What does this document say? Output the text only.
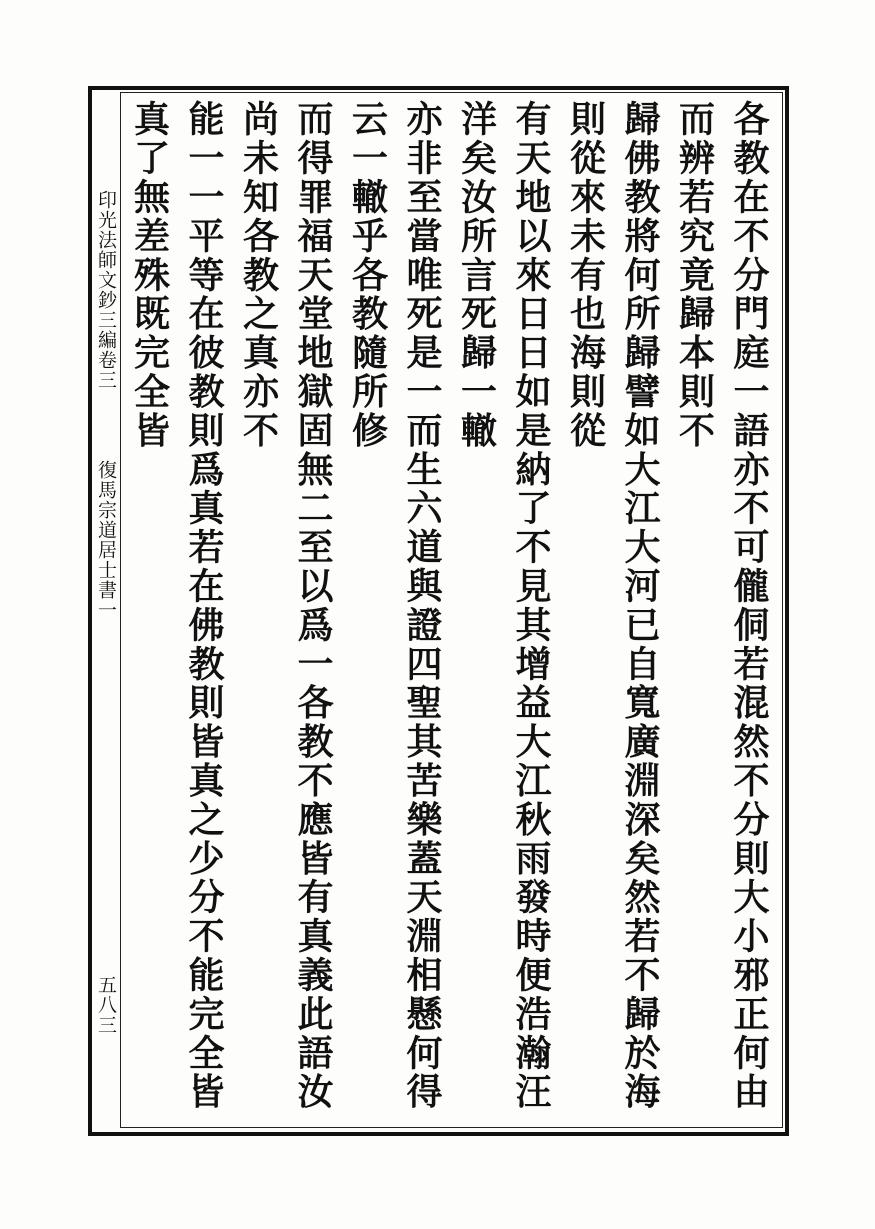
印光法師文鈔三編卷三
復馬宗道居士書一
五八三	各教在不分門庭一語亦不可儱侗若混然不分則大小邪正何由而辨若究竟歸本則不
歸佛教將何所歸譬如大江大河已自寬廣淵深矣然若不歸於海則從來未有也海則從
有天地以來日日如是納了不見其增益大江秋雨發時便浩瀚汪洋矣汝所言死歸一轍
亦非至當唯死是一而生六道與證四聖其苦樂蓋天淵相懸何得云一轍乎各教隨所修
而得罪福天堂地獄固無二至以爲一各教不應皆有真義此語汝尚未知各教之真亦不
能一一平等在彼教則爲真若在佛教則皆真之少分不能完全皆真了無差殊既完全皆
